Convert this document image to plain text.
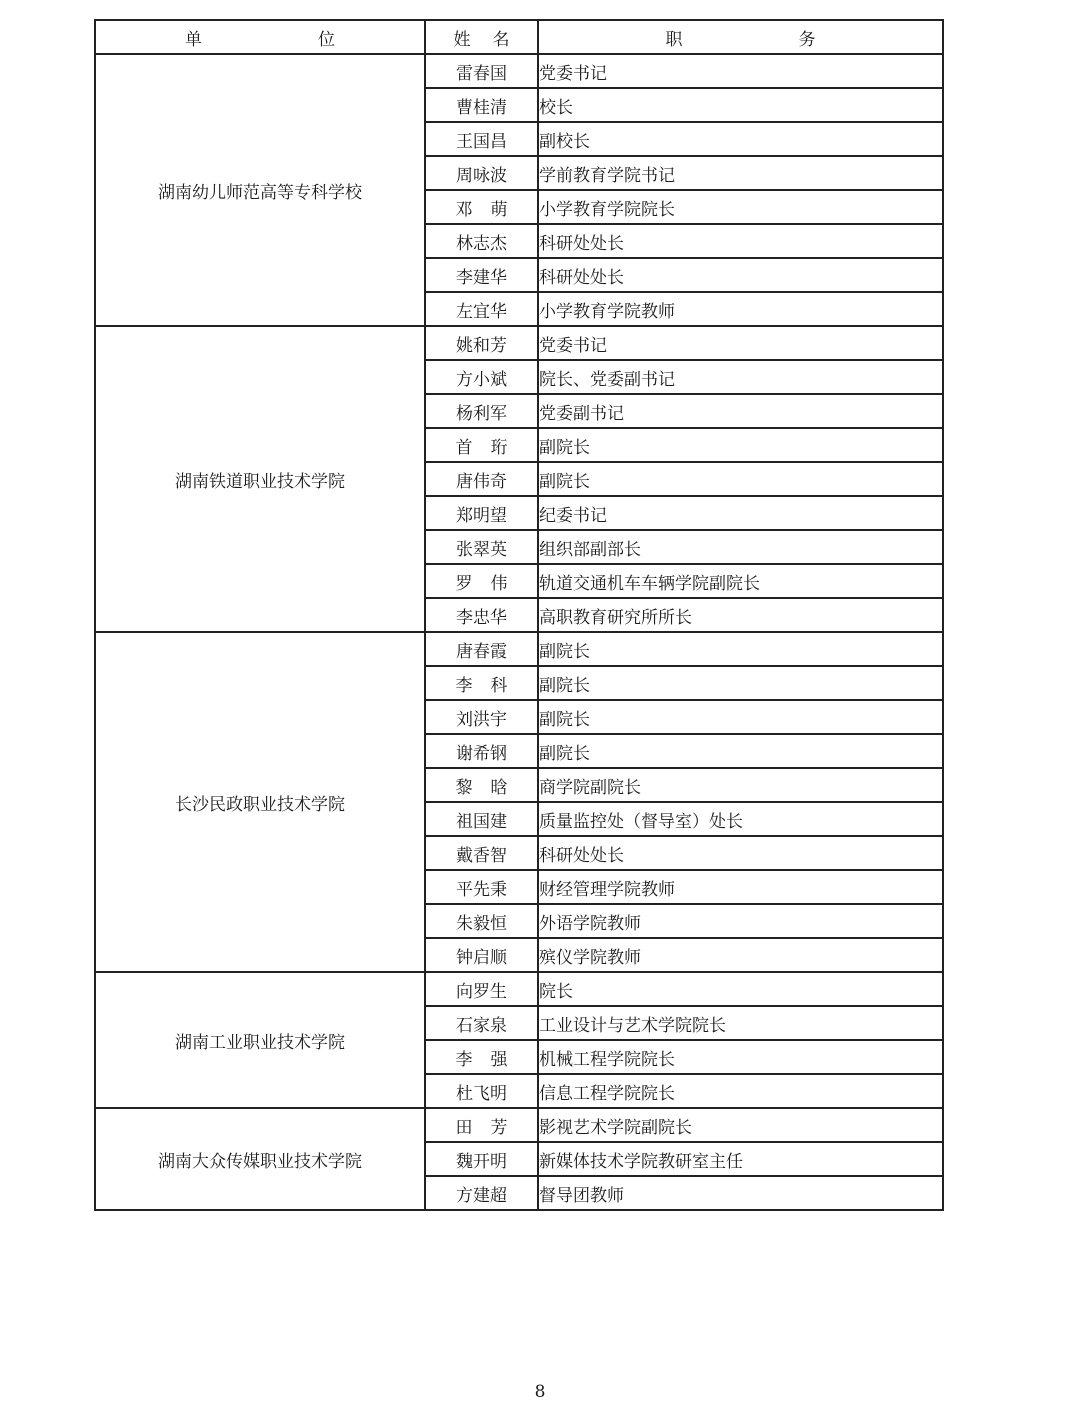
单位	姓名	职务
湖南幼儿师范高等专科学校	雷春国	党委书记
	曹桂清	校长
	王国昌	副校长
	周咏波	学前教育学院书记
	邓萌	小学教育学院院长
	林志杰	科研处处长
	李建华	科研处处长
	左宜华	小学教育学院教师
湖南铁道职业技术学院	姚和芳	党委书记
	方小斌	院长、党委副书记
	杨利军	党委副书记
	首珩	副院长
	唐伟奇	副院长
	郑明望	纪委书记
	张翠英	组织部副部长
	罗伟	轨道交通机车车辆学院副院长
	李忠华	高职教育研究所所长
长沙民政职业技术学院	唐春霞	副院长
	李科	副院长
	刘洪宇	副院长
	谢希钢	副院长
	黎晗	商学院副院长
	祖国建	质量监控处（督导室）处长
	戴香智	科研处处长
	平先秉	财经管理学院教师
	朱毅恒	外语学院教师
	钟启顺	殡仪学院教师
湖南工业职业技术学院	向罗生	院长
	石家泉	工业设计与艺术学院院长
	李强	机械工程学院院长
	杜飞明	信息工程学院院长
湖南大众传媒职业技术学院	田芳	影视艺术学院副院长
	魏开明	新媒体技术学院教研室主任
	方建超	督导团教师
8
